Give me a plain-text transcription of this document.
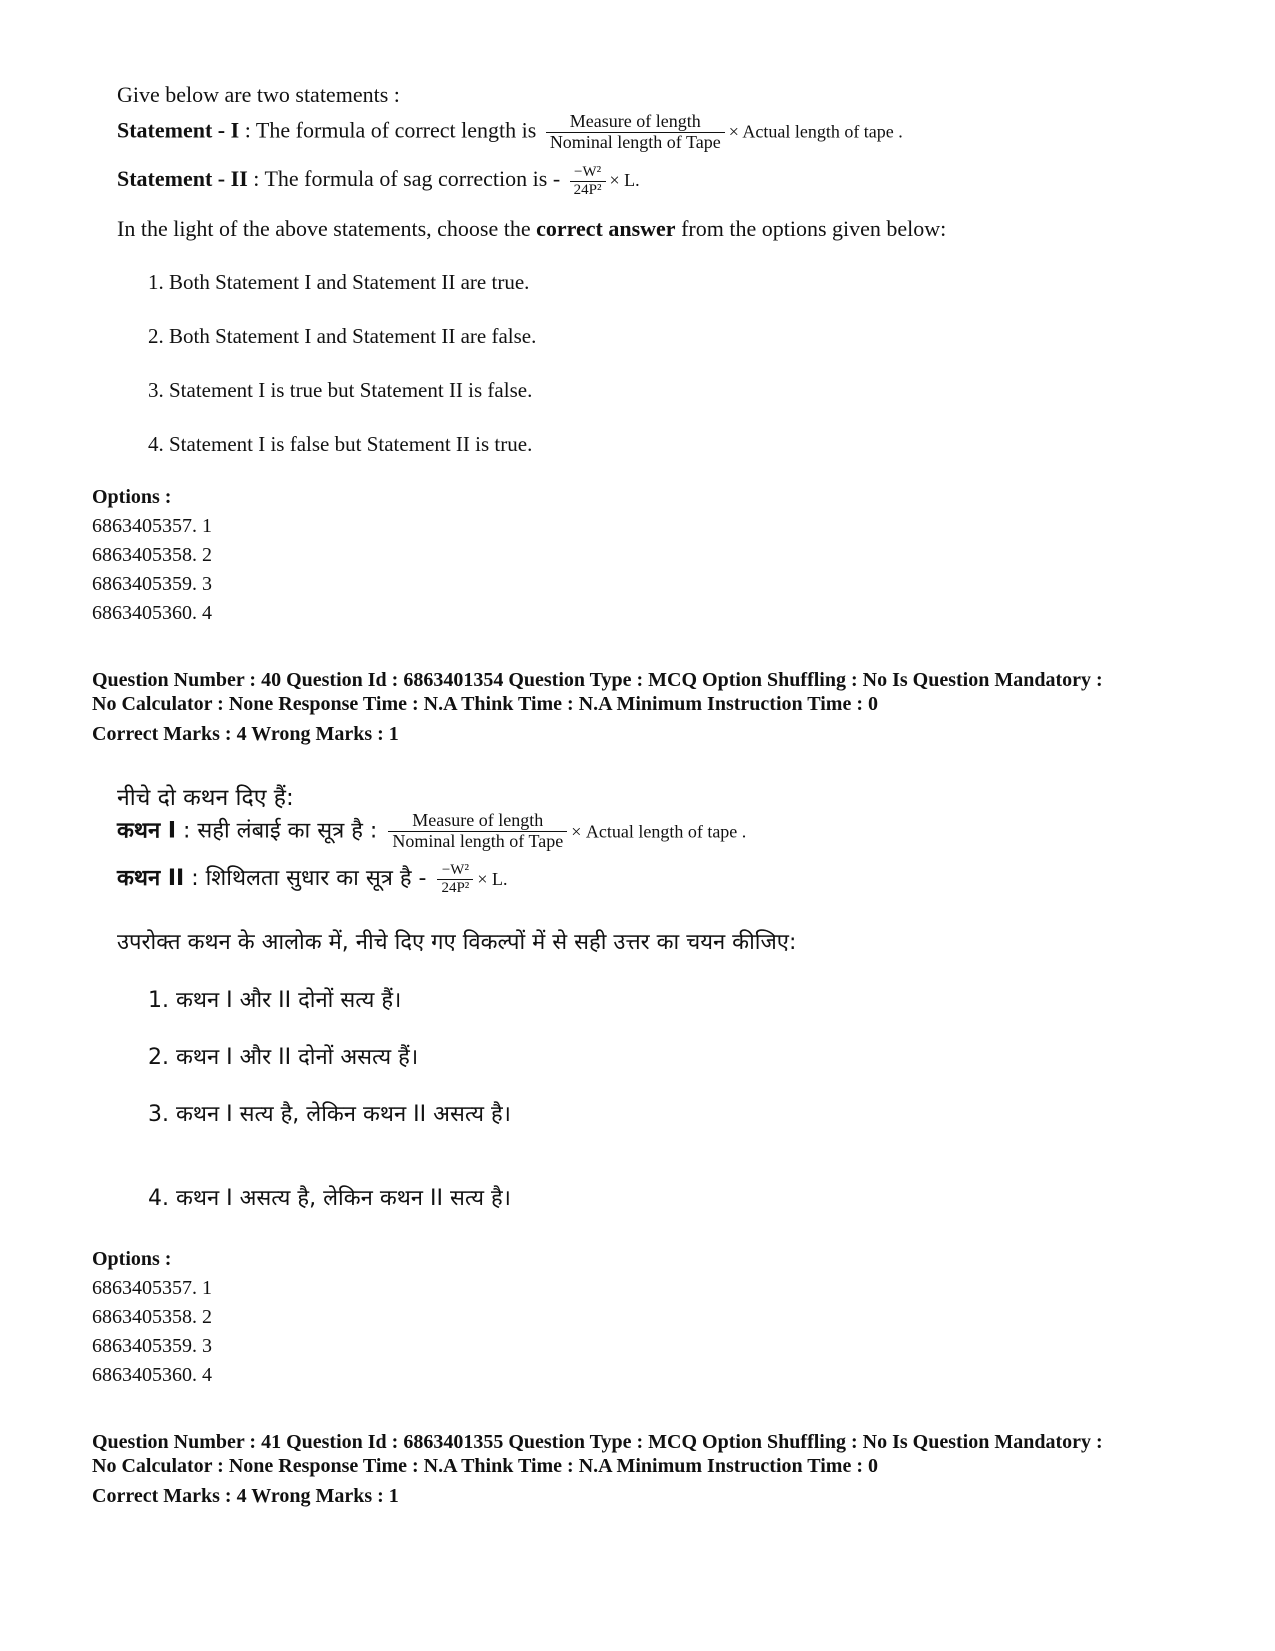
Give below are two statements :
Statement - I : The formula of correct length is $\frac{\text{Measure of length}}{\text{Nominal length of Tape}}$ × Actual length of tape .
Statement - II : The formula of sag correction is - $\frac{\text{−W²}}{\text{24P²}} \times L$.
In the light of the above statements, choose the correct answer from the options given below:
1. Both Statement I and Statement II are true.
2. Both Statement I and Statement II are false.
3. Statement I is true but Statement II is false.
4. Statement I is false but Statement II is true.
Options :
6863405357. 1
6863405358. 2
6863405359. 3
6863405360. 4
Question Number : 40 Question Id : 6863401354 Question Type : MCQ Option Shuffling : No Is Question Mandatory :
No Calculator : None Response Time : N.A Think Time : N.A Minimum Instruction Time : 0
Correct Marks : 4 Wrong Marks : 1
नीचे दो कथन दिए हैं:
कथन I : सही लंबाई का सूत्र है : $\frac{\text{Measure of length}}{\text{Nominal length of Tape}}$ × Actual length of tape .
कथन II : शिथिलता सुधार का सूत्र है - $\frac{\text{−W²}}{\text{24P²}} \times L$.
उपरोक्त कथन के आलोक में, नीचे दिए गए विकल्पों में से सही उत्तर का चयन कीजिए:
1. कथन I और II दोनों सत्य हैं।
2. कथन I और II दोनों असत्य हैं।
3. कथन I सत्य है, लेकिन कथन II असत्य है।
4. कथन I असत्य है, लेकिन कथन II सत्य है।
Options :
6863405357. 1
6863405358. 2
6863405359. 3
6863405360. 4
Question Number : 41 Question Id : 6863401355 Question Type : MCQ Option Shuffling : No Is Question Mandatory :
No Calculator : None Response Time : N.A Think Time : N.A Minimum Instruction Time : 0
Correct Marks : 4 Wrong Marks : 1
